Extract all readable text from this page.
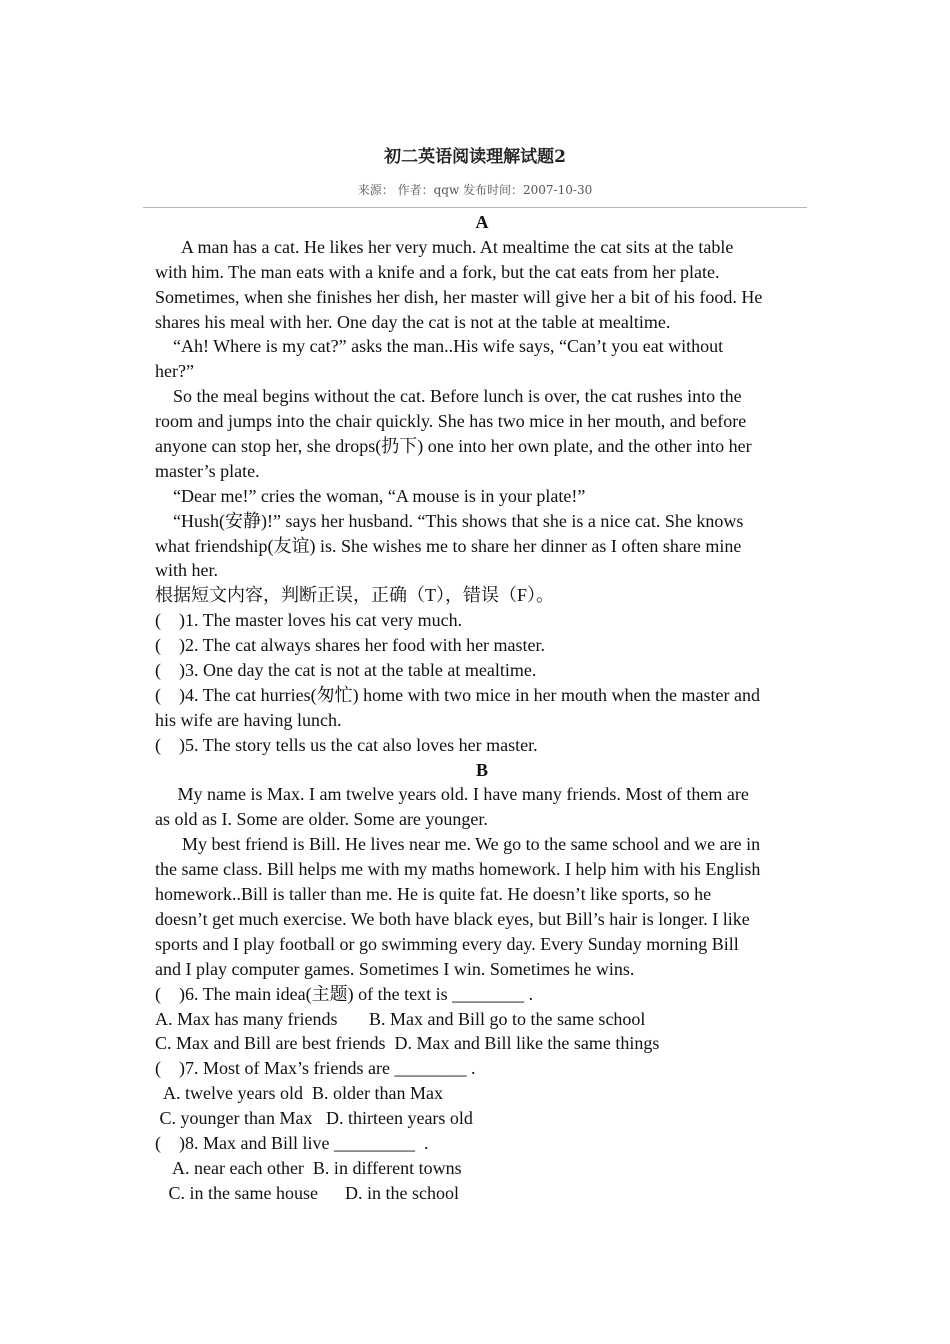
初二英语阅读理解试题2
来源： 作者：qqw 发布时间：2007-10-30
A
A man has a cat. He likes her very much. At mealtime the cat sits at the table
with him. The man eats with a knife and a fork, but the cat eats from her plate.
Sometimes, when she finishes her dish, her master will give her a bit of his food. He
shares his meal with her. One day the cat is not at the table at mealtime.
“Ah! Where is my cat?” asks the man..His wife says, “Can’t you eat without
her?”
So the meal begins without the cat. Before lunch is over, the cat rushes into the
room and jumps into the chair quickly. She has two mice in her mouth, and before
anyone can stop her, she drops(扔下) one into her own plate, and the other into her
master’s plate.
“Dear me!” cries the woman, “A mouse is in your plate!”
“Hush(安静)!” says her husband. “This shows that she is a nice cat. She knows
what friendship(友谊) is. She wishes me to share her dinner as I often share mine
with her.
根据短文内容，判断正误，正确（T），错误（F）。
(    )1. The master loves his cat very much.
(    )2. The cat always shares her food with her master.
(    )3. One day the cat is not at the table at mealtime.
(    )4. The cat hurries(匆忙) home with two mice in her mouth when the master and
his wife are having lunch.
(    )5. The story tells us the cat also loves her master.
B
My name is Max. I am twelve years old. I have many friends. Most of them are
as old as I. Some are older. Some are younger.
My best friend is Bill. He lives near me. We go to the same school and we are in
the same class. Bill helps me with my maths homework. I help him with his English
homework..Bill is taller than me. He is quite fat. He doesn’t like sports, so he
doesn’t get much exercise. We both have black eyes, but Bill’s hair is longer. I like
sports and I play football or go swimming every day. Every Sunday morning Bill
and I play computer games. Sometimes I win. Sometimes he wins.
(    )6. The main idea(主题) of the text is ________ .
A. Max has many friends       B. Max and Bill go to the same school
C. Max and Bill are best friends  D. Max and Bill like the same things
(    )7. Most of Max’s friends are ________ .
A. twelve years old  B. older than Max
C. younger than Max   D. thirteen years old
(    )8. Max and Bill live _________  .
A. near each other  B. in different towns
C. in the same house      D. in the school
